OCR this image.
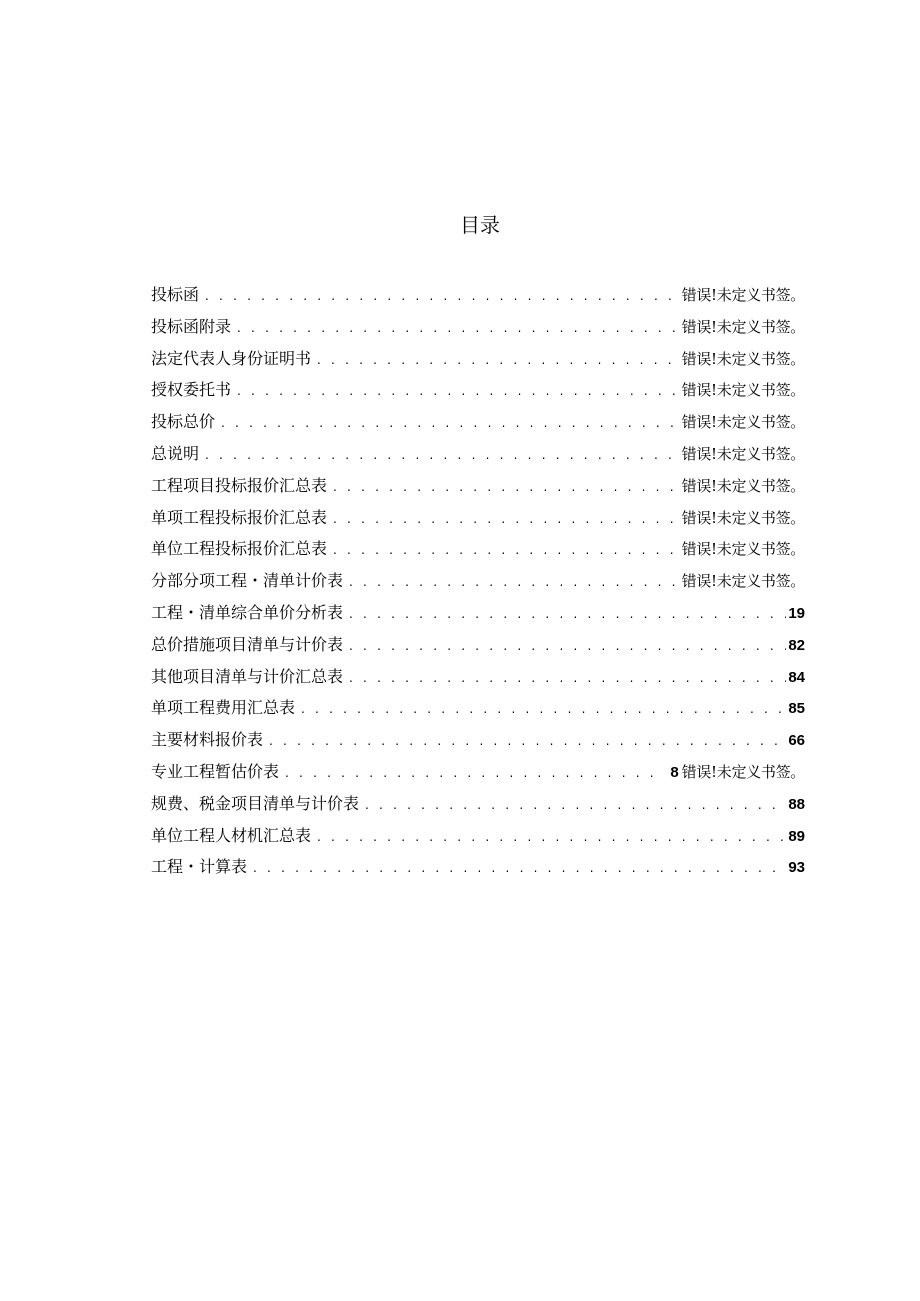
目录
投标函 . . .	错误!未定义书签。
投标函附录 . . .	错误!未定义书签。
法定代表人身份证明书 . . .	错误!未定义书签。
授权委托书 . . .	错误!未定义书签。
投标总价 . . .	错误!未定义书签。
总说明 . . .	错误!未定义书签。
工程项目投标报价汇总表 . . .	错误!未定义书签。
单项工程投标报价汇总表 . . .	错误!未定义书签。
单位工程投标报价汇总表 . . .	错误!未定义书签。
分部分项工程・清单计价表 . . .	错误!未定义书签。
工程・清单综合单价分析表 . . .	19
总价措施项目清单与计价表 . . .	82
其他项目清单与计价汇总表 . . .	84
单项工程费用汇总表 . . .	85
主要材料报价表 . . .	66
专业工程暂估价表 . . .	8 错误!未定义书签。
规费、税金项目清单与计价表 . . .	88
单位工程人材机汇总表 . . .	89
工程・计算表 . . .	93
